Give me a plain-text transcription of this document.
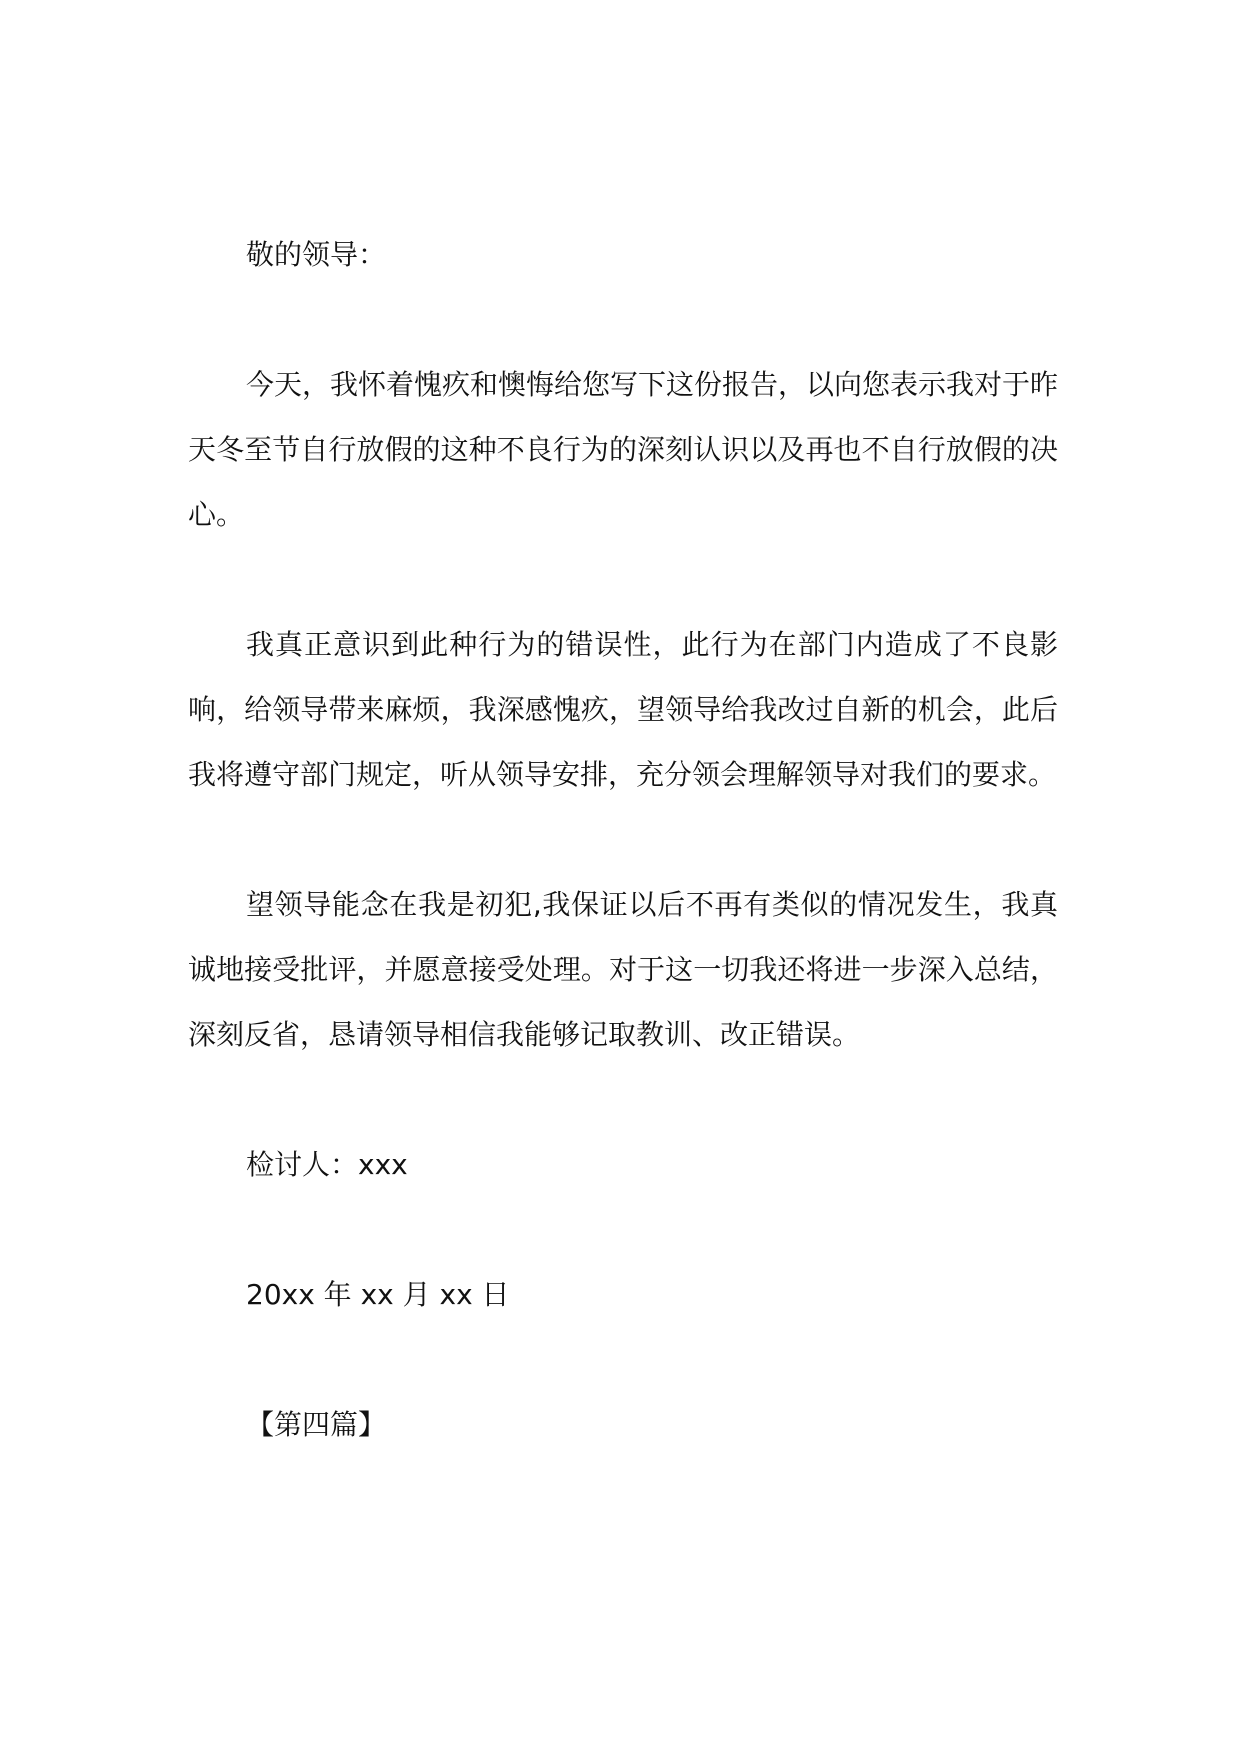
敬的领导：

今天，我怀着愧疚和懊悔给您写下这份报告，以向您表示我对于昨天冬至节自行放假的这种不良行为的深刻认识以及再也不自行放假的决心。

我真正意识到此种行为的错误性，此行为在部门内造成了不良影响，给领导带来麻烦，我深感愧疚，望领导给我改过自新的机会，此后我将遵守部门规定，听从领导安排，充分领会理解领导对我们的要求。

望领导能念在我是初犯,我保证以后不再有类似的情况发生，我真诚地接受批评，并愿意接受处理。对于这一切我还将进一步深入总结，深刻反省，恳请领导相信我能够记取教训、改正错误。

检讨人：xxx

20xx 年 xx 月 xx 日

【第四篇】
